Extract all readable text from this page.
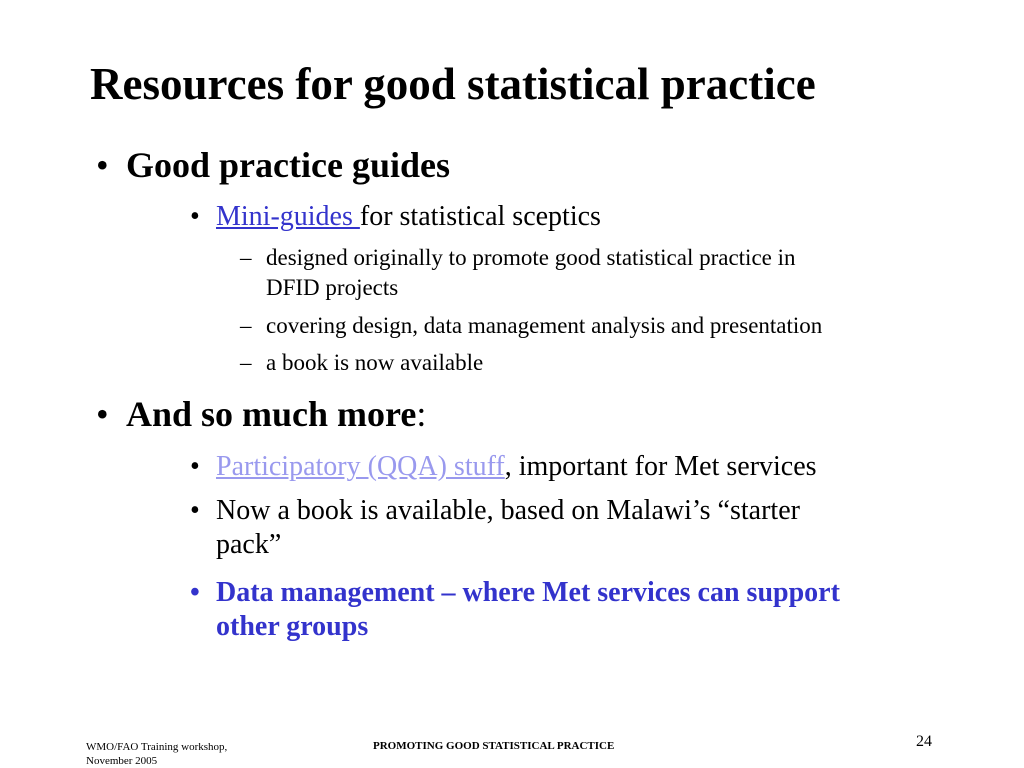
Resources for good statistical practice
• Good practice guides
• Mini-guides for statistical sceptics
– designed originally to promote good statistical practice in
DFID projects
– covering design, data management analysis and presentation
– a book is now available
• And so much more:
• Participatory (QQA) stuff, important for Met services
• Now a book is available, based on Malawi’s “starter
pack”
• Data management – where Met services can support
other groups
WMO/FAO Training workshop,
November 2005
PROMOTING GOOD STATISTICAL PRACTICE	24
